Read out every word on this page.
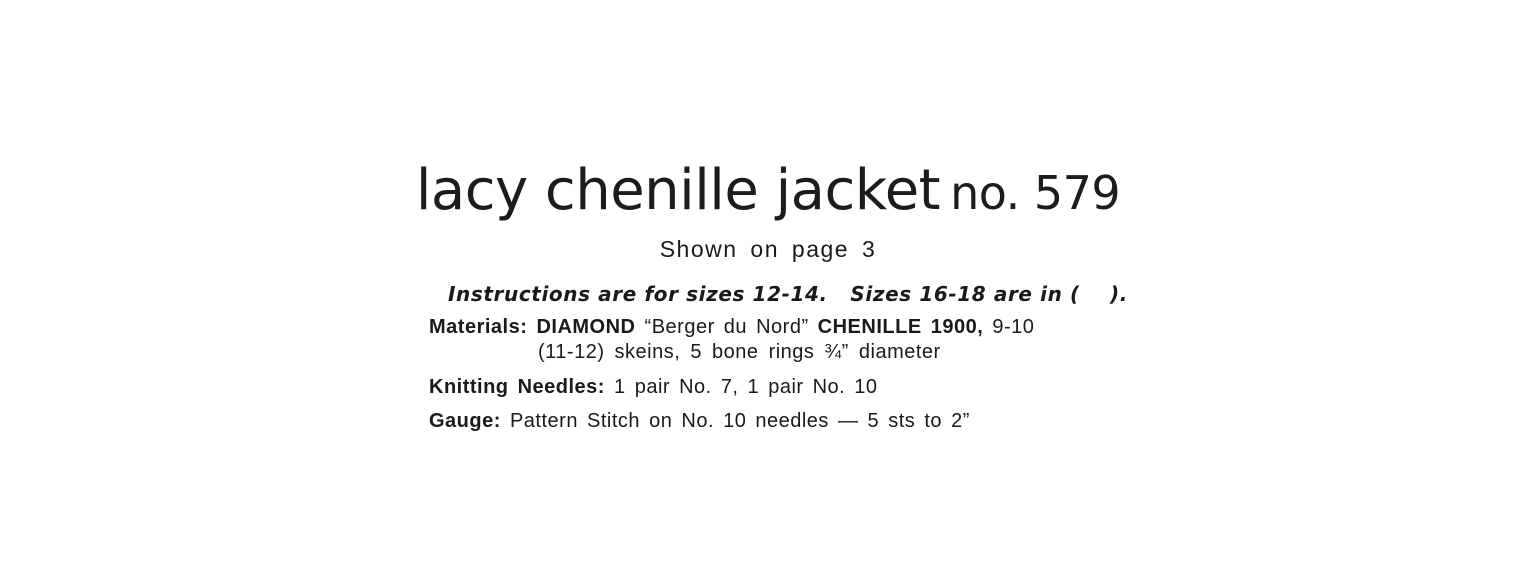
lacy chenille jacket no. 579
Shown on page 3
Instructions are for sizes 12-14.   Sizes 16-18 are in (    ).
Materials: DIAMOND “Berger du Nord” CHENILLE 1900, 9-10
(11-12) skeins, 5 bone rings ¾” diameter
Knitting Needles: 1 pair No. 7, 1 pair No. 10
Gauge: Pattern Stitch on No. 10 needles — 5 sts to 2”
